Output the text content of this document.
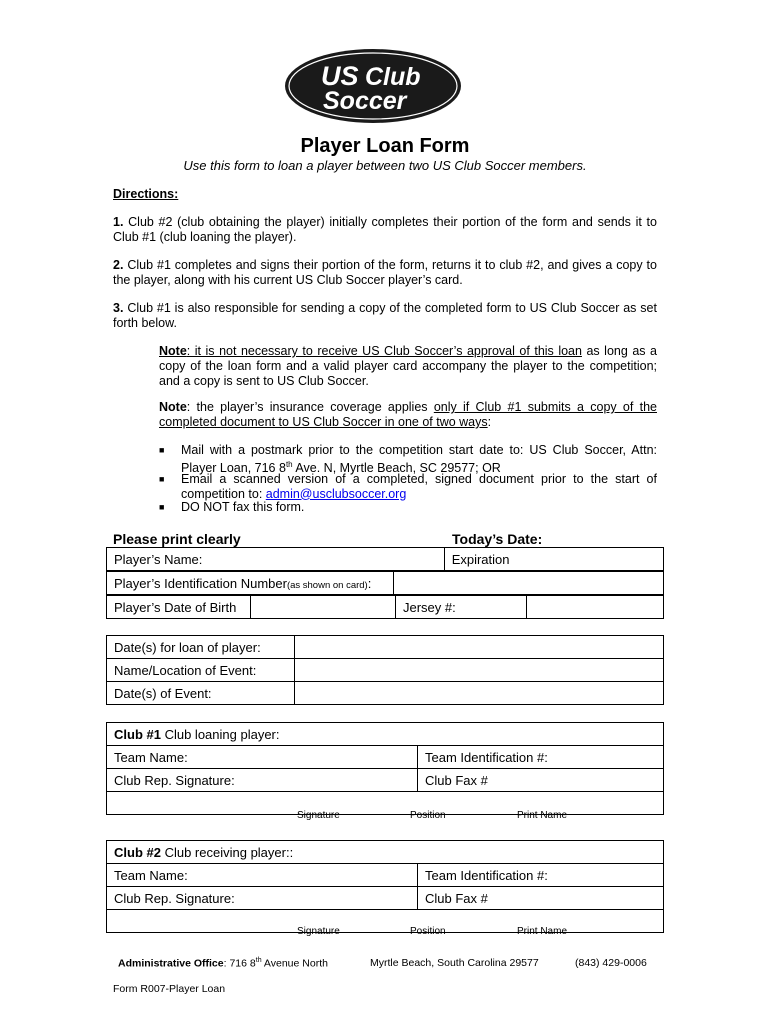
US Club
Soccer
Player Loan Form
Use this form to loan a player between two US Club Soccer members.
Directions:
1. Club #2 (club obtaining the player) initially completes their portion of the form and sends it to Club #1 (club loaning the player).
2. Club #1 completes and signs their portion of the form, returns it to club #2, and gives a copy to the player, along with his current US Club Soccer player’s card.
3. Club #1 is also responsible for sending a copy of the completed form to US Club Soccer as set forth below.
Note: it is not necessary to receive US Club Soccer’s approval of this loan as long as a copy of the loan form and a valid player card accompany the player to the competition; and a copy is sent to US Club Soccer.
Note: the player’s insurance coverage applies only if Club #1 submits a copy of the completed document to US Club Soccer in one of two ways:
■ Mail with a postmark prior to the competition start date to: US Club Soccer, Attn: Player Loan, 716 8th Ave. N, Myrtle Beach, SC 29577; OR
■ Email a scanned version of a completed, signed document prior to the start of competition to: admin@usclubsoccer.org
■ DO NOT fax this form.
Please print clearly	Today’s Date:
Player’s Name:	Expiration
Player’s Identification Number(as shown on card):	
Player’s Date of Birth		Jersey #:	
Date(s) for loan of player:	
Name/Location of Event:	
Date(s) of Event:	
Club #1 Club loaning player:	
Team Name:	Team Identification #:
Club Rep. Signature:	Club Fax #

Signature	Position	Print Name
Club #2 Club receiving player::	
Team Name:	Team Identification #:
Club Rep. Signature:	Club Fax #

Signature	Position	Print Name
Administrative Office: 716 8th Avenue North	Myrtle Beach, South Carolina 29577	(843) 429-0006
Form R007-Player Loan
